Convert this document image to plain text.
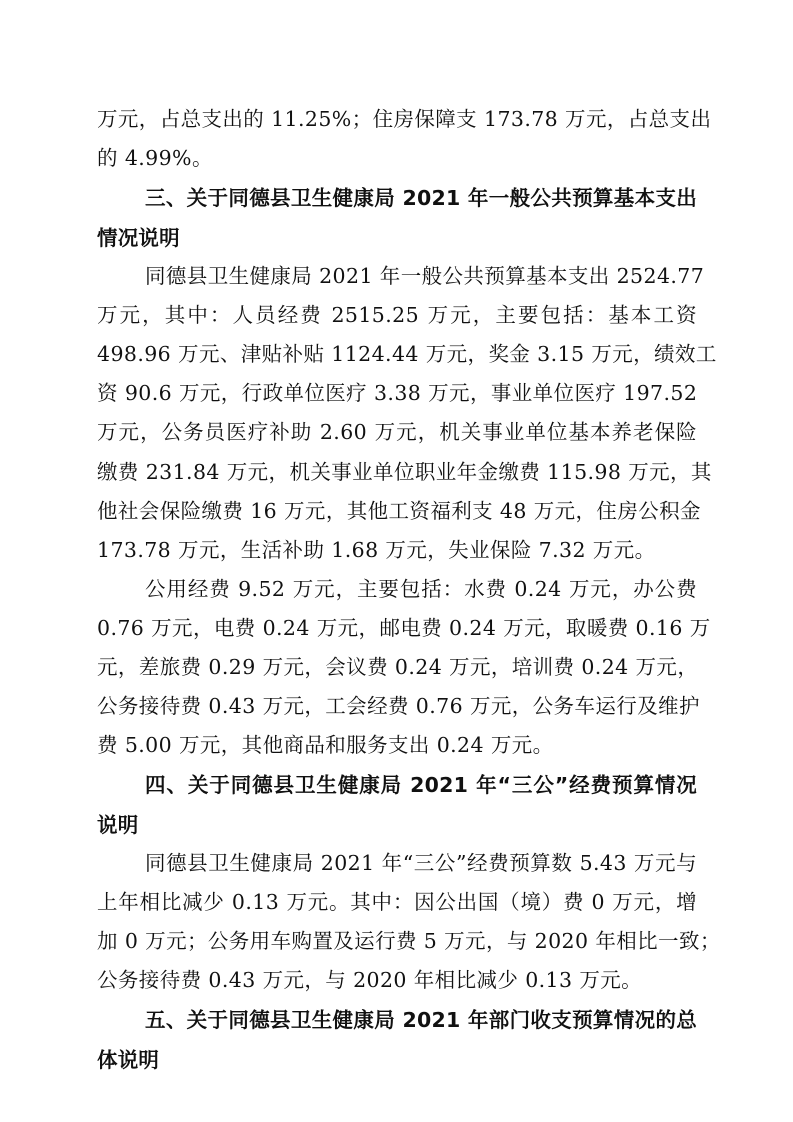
万元，占总支出的 11.25%；住房保障支 173.78 万元，占总支出
的 4.99%。
三、关于同德县卫生健康局 2021 年一般公共预算基本支出
情况说明
同德县卫生健康局 2021 年一般公共预算基本支出 2524.77
万元，其中：人员经费 2515.25 万元，主要包括：基本工资
498.96 万元、津贴补贴 1124.44 万元，奖金 3.15 万元，绩效工
资 90.6 万元，行政单位医疗 3.38 万元，事业单位医疗 197.52
万元，公务员医疗补助 2.60 万元，机关事业单位基本养老保险
缴费 231.84 万元，机关事业单位职业年金缴费 115.98 万元，其
他社会保险缴费 16 万元，其他工资福利支 48 万元，住房公积金
173.78 万元，生活补助 1.68 万元，失业保险 7.32 万元。
公用经费 9.52 万元，主要包括：水费 0.24 万元，办公费
0.76 万元，电费 0.24 万元，邮电费 0.24 万元，取暖费 0.16 万
元，差旅费 0.29 万元，会议费 0.24 万元，培训费 0.24 万元，
公务接待费 0.43 万元，工会经费 0.76 万元，公务车运行及维护
费 5.00 万元，其他商品和服务支出 0.24 万元。
四、关于同德县卫生健康局 2021 年“三公”经费预算情况
说明
同德县卫生健康局 2021 年“三公”经费预算数 5.43 万元与
上年相比减少 0.13 万元。其中：因公出国（境）费 0 万元，增
加 0 万元；公务用车购置及运行费 5 万元，与 2020 年相比一致；
公务接待费 0.43 万元，与 2020 年相比减少 0.13 万元。
五、关于同德县卫生健康局 2021 年部门收支预算情况的总
体说明
